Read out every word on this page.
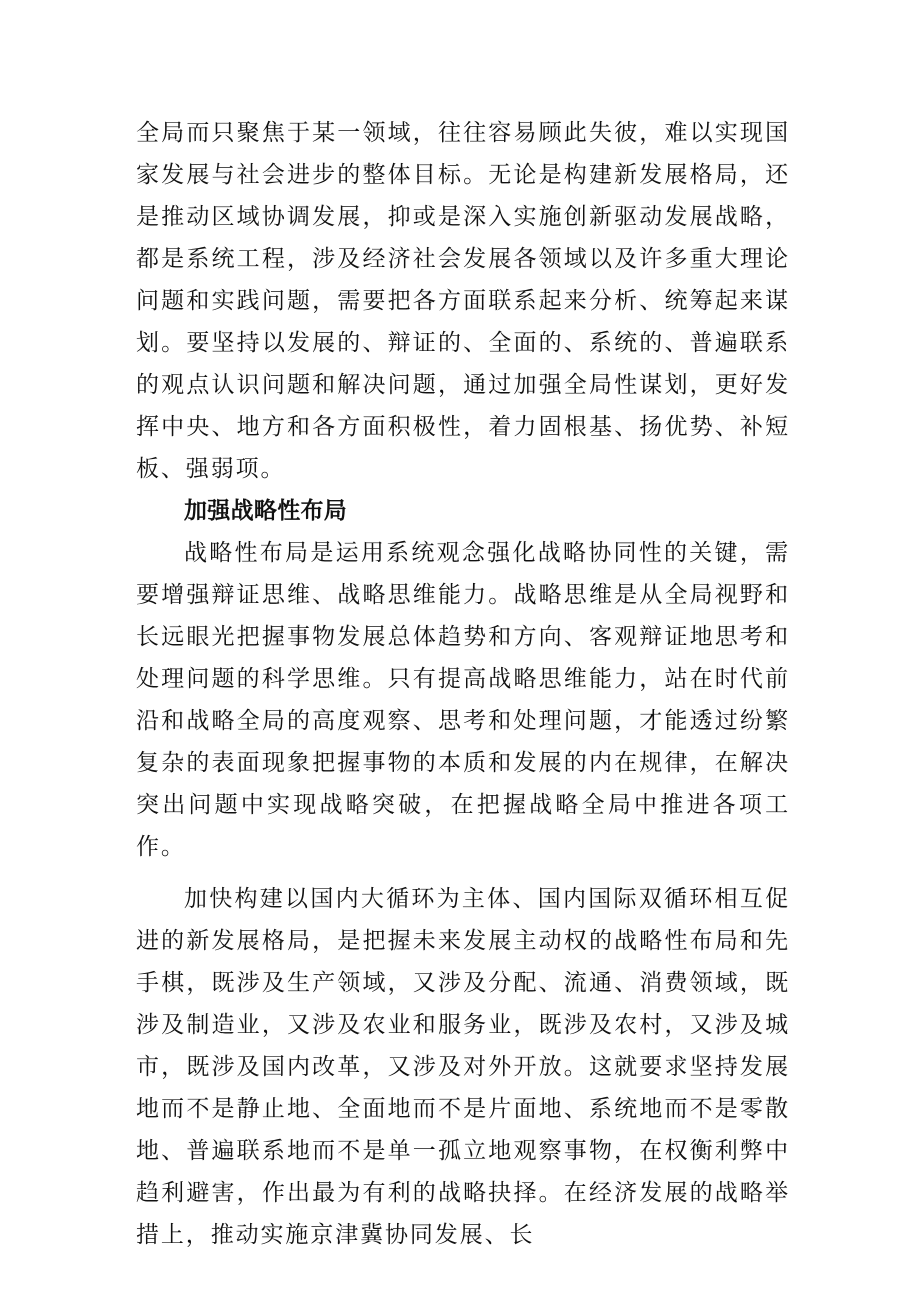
全局而只聚焦于某一领域，往往容易顾此失彼，难以实现国家发展与社会进步的整体目标。无论是构建新发展格局，还是推动区域协调发展，抑或是深入实施创新驱动发展战略，都是系统工程，涉及经济社会发展各领域以及许多重大理论问题和实践问题，需要把各方面联系起来分析、统筹起来谋划。要坚持以发展的、辩证的、全面的、系统的、普遍联系的观点认识问题和解决问题，通过加强全局性谋划，更好发挥中央、地方和各方面积极性，着力固根基、扬优势、补短板、强弱项。

加强战略性布局

战略性布局是运用系统观念强化战略协同性的关键，需要增强辩证思维、战略思维能力。战略思维是从全局视野和长远眼光把握事物发展总体趋势和方向、客观辩证地思考和处理问题的科学思维。只有提高战略思维能力，站在时代前沿和战略全局的高度观察、思考和处理问题，才能透过纷繁复杂的表面现象把握事物的本质和发展的内在规律，在解决突出问题中实现战略突破，在把握战略全局中推进各项工作。

加快构建以国内大循环为主体、国内国际双循环相互促进的新发展格局，是把握未来发展主动权的战略性布局和先手棋，既涉及生产领域，又涉及分配、流通、消费领域，既涉及制造业，又涉及农业和服务业，既涉及农村，又涉及城市，既涉及国内改革，又涉及对外开放。这就要求坚持发展地而不是静止地、全面地而不是片面地、系统地而不是零散地、普遍联系地而不是单一孤立地观察事物，在权衡利弊中趋利避害，作出最为有利的战略抉择。在经济发展的战略举措上，推动实施京津冀协同发展、长
